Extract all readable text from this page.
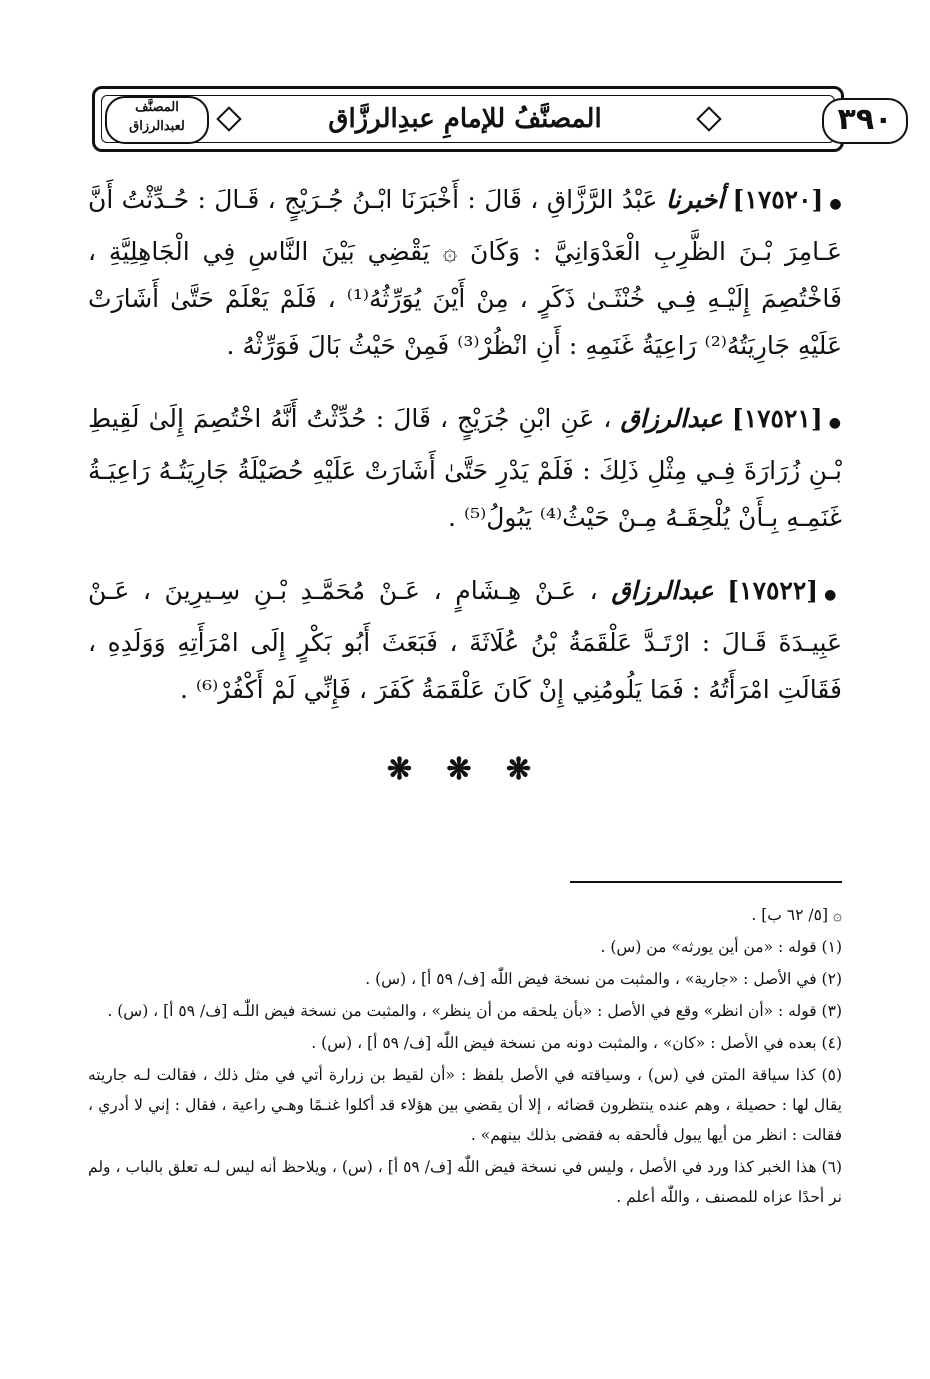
المصنَّف لعبدالرزاق	المصنَّفُ للإمامِ عبدِالرزَّاق	٣٩٠

●[١٧٥٢٠] أخبرنا عَبْدُ الرَّزَّاقِ ، قَالَ : أَخْبَرَنَا ابْـنُ جُـرَيْجٍ ، قَـالَ : حُـدِّثْتُ أَنَّ عَـامِرَ بْـنَ الظَّرِبِ الْعَدْوَانِيَّ : وَكَانَ ۞ يَقْضِي بَيْنَ النَّاسِ فِي الْجَاهِلِيَّةِ ، فَاخْتُصِمَ إِلَيْـهِ فِـي خُنْثَـىٰ ذَكَرٍ ، مِنْ أَيْنَ يُوَرِّثُهُ⁽¹⁾ ، فَلَمْ يَعْلَمْ حَتَّىٰ أَشَارَتْ عَلَيْهِ جَارِيَتُهُ⁽²⁾ رَاعِيَةُ غَنَمِهِ : أَنِ انْظُرْ⁽³⁾ فَمِنْ حَيْثُ بَالَ فَوَرِّثْهُ .

●[١٧٥٢١] عبدالرزاق ، عَنِ ابْنِ جُرَيْجٍ ، قَالَ : حُدِّثْتُ أَنَّهُ اخْتُصِمَ إِلَىٰ لَقِيطِ بْـنِ زُرَارَةَ فِـي مِثْلِ ذَلِكَ : فَلَمْ يَدْرِ حَتَّىٰ أَشَارَتْ عَلَيْهِ حُصَيْلَةُ جَارِيَتُـهُ رَاعِيَـةُ غَنَمِـهِ بِـأَنْ يُلْحِقَـهُ مِـنْ حَيْثُ⁽⁴⁾ يَبُولُ⁽⁵⁾ .

●[١٧٥٢٢] عبدالرزاق ، عَـنْ هِـشَامٍ ، عَـنْ مُحَمَّـدِ بْـنِ سِـيرِينَ ، عَـنْ عَبِيـدَةَ قَـالَ : ارْتَـدَّ عَلْقَمَةُ بْنُ عُلَاثَةَ ، فَبَعَثَ أَبُو بَكْرٍ إِلَى امْرَأَتِهِ وَوَلَدِهِ ، فَقَالَتِ امْرَأَتُهُ : فَمَا يَلُومُنِي إِنْ كَانَ عَلْقَمَةُ كَفَرَ ، فَإِنِّي لَمْ أَكْفُرْ⁽⁶⁾ .

❋ ❋ ❋

۞ [٥/ ٦٢ ب] .

(١) قوله : «من أين يورثه» من (س) .

(٢) في الأصل : «جارية» ، والمثبت من نسخة فيض اللّٰه [ف/ ٥٩ أ] ، (س) .

(٣) قوله : «أن انظر» وقع في الأصل : «بأن يلحقه من أن ينظر» ، والمثبت من نسخة فيض اللّٰـه [ف/ ٥٩ أ] ، (س) .

(٤) بعده في الأصل : «كان» ، والمثبت دونه من نسخة فيض اللّٰه [ف/ ٥٩ أ] ، (س) .

(٥) كذا سياقة المتن في (س) ، وسياقته في الأصل بلفظ : «أن لقيط بن زرارة أتي في مثل ذلك ، فقالت لـه جاريته يقال لها : حصيلة ، وهم عنده ينتظرون قضائه ، إلا أن يقضي بين هؤلاء قد أكلوا غنـمًا وهـي راعية ، فقال : إني لا أدري ، فقالت : انظر من أيها يبول فألحقه به فقضى بذلك بينهم» .

(٦) هذا الخبر كذا ورد في الأصل ، وليس في نسخة فيض اللّٰه [ف/ ٥٩ أ] ، (س) ، ويلاحظ أنه ليس لـه تعلق بالباب ، ولم نر أحدًا عزاه للمصنف ، واللّٰه أعلم .
